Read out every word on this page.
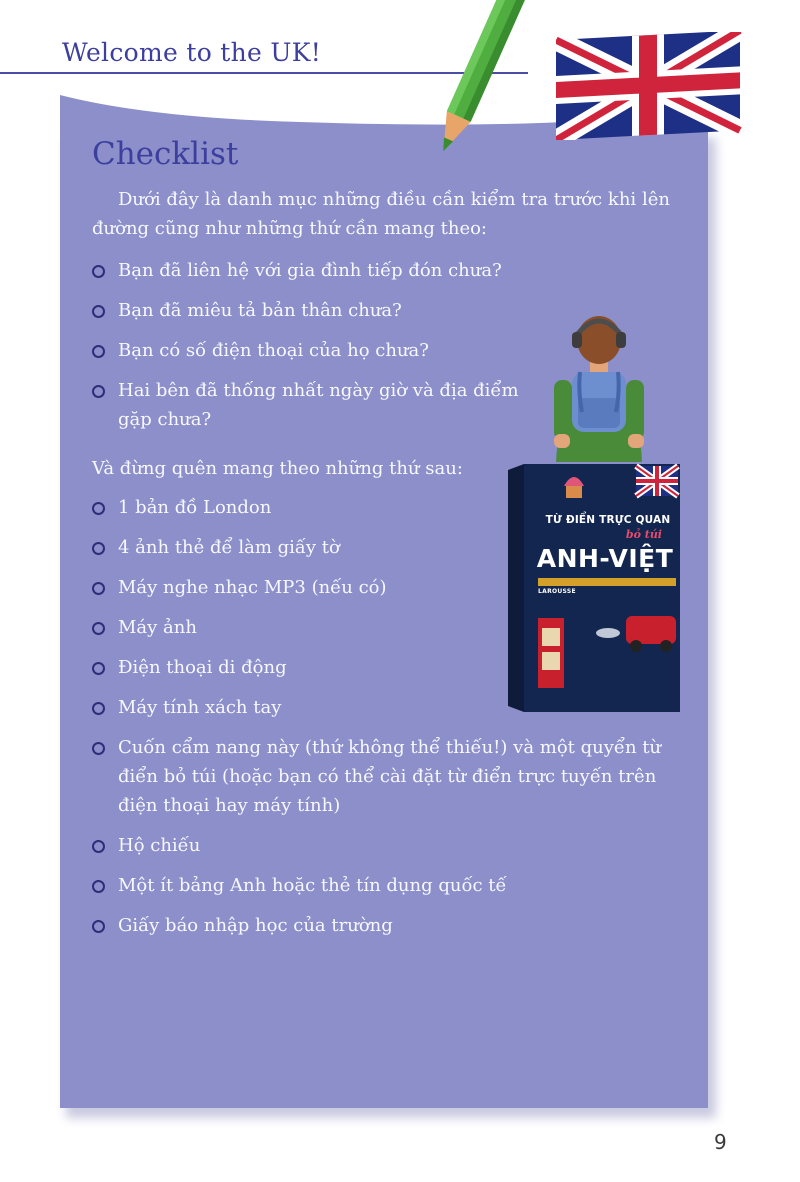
Welcome to the UK!
Checklist

Dưới đây là danh mục những điều cần kiểm tra trước khi lên đường cũng như những thứ cần mang theo:

Bạn đã liên hệ với gia đình tiếp đón chưa?
Bạn đã miêu tả bản thân chưa?
Bạn có số điện thoại của họ chưa?
Hai bên đã thống nhất ngày giờ và địa điểm gặp chưa?

Và đừng quên mang theo những thứ sau:

1 bản đồ London
4 ảnh thẻ để làm giấy tờ
Máy nghe nhạc MP3 (nếu có)
Máy ảnh
Điện thoại di động
Máy tính xách tay
Cuốn cẩm nang này (thứ không thể thiếu!) và một quyển từ điển bỏ túi (hoặc bạn có thể cài đặt từ điển trực tuyến trên điện thoại hay máy tính)
Hộ chiếu
Một ít bảng Anh hoặc thẻ tín dụng quốc tế
Giấy báo nhập học của trường
TỪ ĐIỂN TRỰC QUAN
bỏ túi
ANH-VIỆT
LAROUSSE
9
